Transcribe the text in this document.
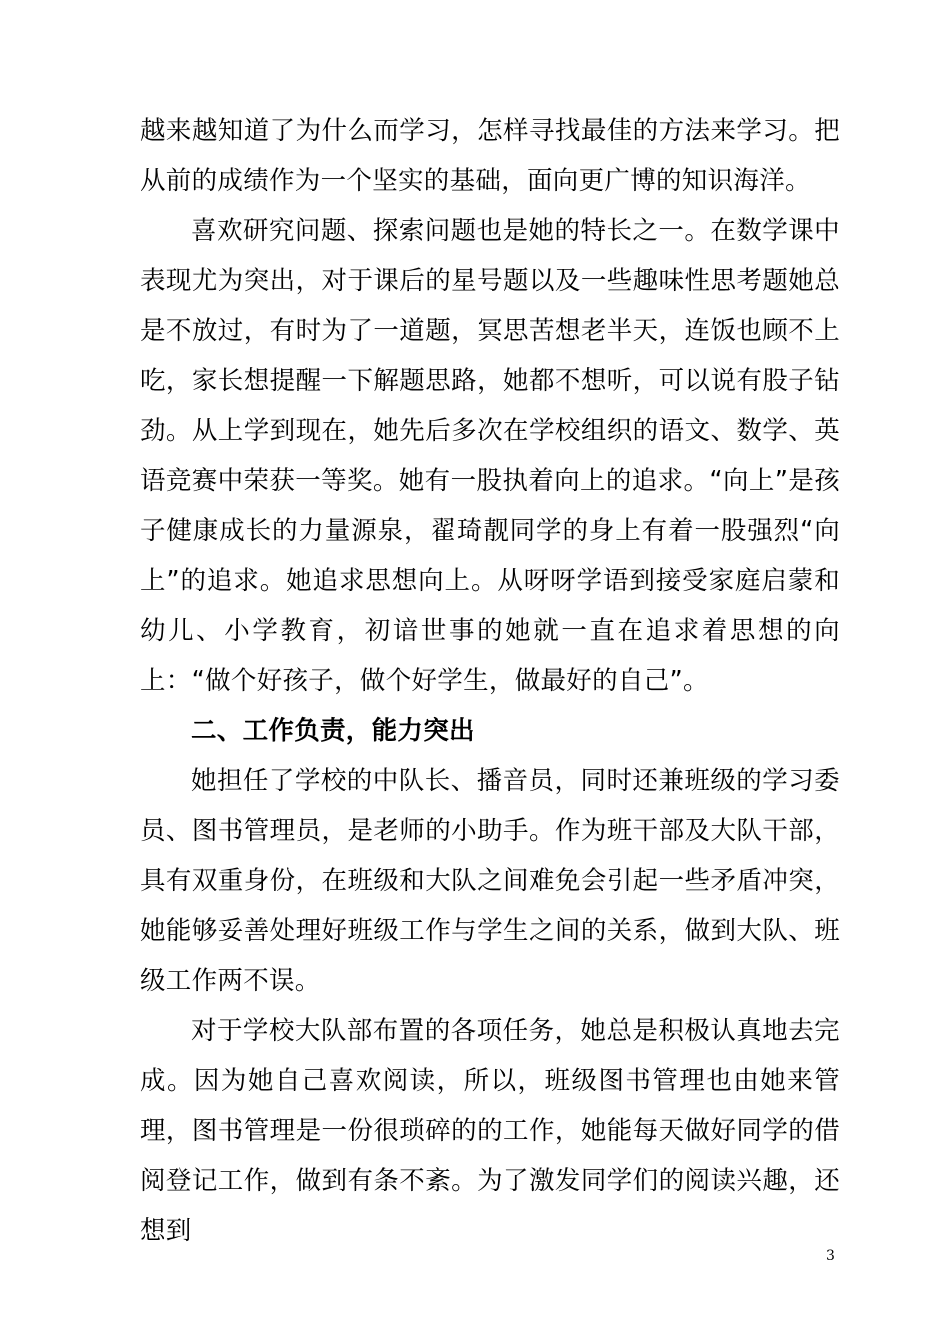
越来越知道了为什么而学习，怎样寻找最佳的方法来学习。把从前的成绩作为一个坚实的基础，面向更广博的知识海洋。

喜欢研究问题、探索问题也是她的特长之一。在数学课中表现尤为突出，对于课后的星号题以及一些趣味性思考题她总是不放过，有时为了一道题，冥思苦想老半天，连饭也顾不上吃，家长想提醒一下解题思路，她都不想听，可以说有股子钻劲。从上学到现在，她先后多次在学校组织的语文、数学、英语竞赛中荣获一等奖。她有一股执着向上的追求。“向上”是孩子健康成长的力量源泉，翟琦靓同学的身上有着一股强烈“向上”的追求。她追求思想向上。从呀呀学语到接受家庭启蒙和幼儿、小学教育，初谙世事的她就一直在追求着思想的向上：“做个好孩子，做个好学生，做最好的自己”。

二、工作负责，能力突出

她担任了学校的中队长、播音员，同时还兼班级的学习委员、图书管理员，是老师的小助手。作为班干部及大队干部，具有双重身份，在班级和大队之间难免会引起一些矛盾冲突，她能够妥善处理好班级工作与学生之间的关系，做到大队、班级工作两不误。

对于学校大队部布置的各项任务，她总是积极认真地去完成。因为她自己喜欢阅读，所以，班级图书管理也由她来管理，图书管理是一份很琐碎的的工作，她能每天做好同学的借阅登记工作，做到有条不紊。为了激发同学们的阅读兴趣，还想到

3
